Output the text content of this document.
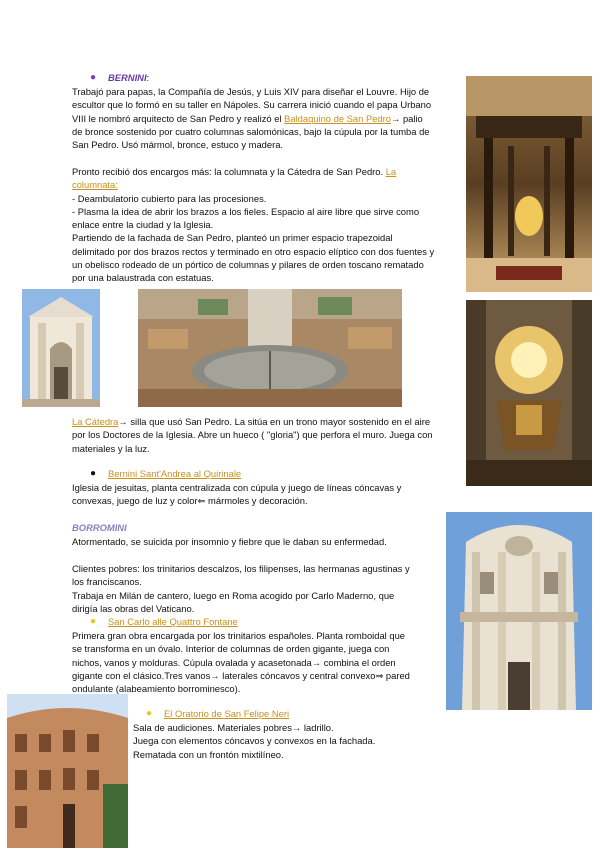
● BERNINI:
Trabajó para papas, la Compañía de Jesús, y Luis XIV para diseñar el Louvre. Hijo de
escultor que lo formó en su taller en Nápoles. Su carrera inició cuando el papa Urbano
VIII le nombró arquitecto de San Pedro y realizó el Baldaquino de San Pedro→ palio
de bronce sostenido por cuatro columnas salomónicas, bajo la cúpula por la tumba de
San Pedro. Usó mármol, bronce, estuco y madera.
Pronto recibió dos encargos más: la columnata y la Cátedra de San Pedro. La
columnata:
- Deambulatorio cubierto para las procesiones.
- Plasma la idea de abrir los brazos a los fieles. Espacio al aire libre que sirve como
enlace entre la ciudad y la Iglesia.
Partiendo de la fachada de San Pedro, planteó un primer espacio trapezoidal
delimitado por dos brazos rectos y terminado en otro espacio elíptico con dos fuentes y
un obelisco rodeado de un pórtico de columnas y pilares de orden toscano rematado
por una balaustrada con estatuas.
La Cátedra→ silla que usó San Pedro. La sitúa en un trono mayor sostenido en el aire
por los Doctores de la Iglesia. Abre un hueco ( "gloria") que perfora el muro. Juega con
materiales y la luz.
● Bernini Sant'Andrea al Quirinale
Iglesia de jesuitas, planta centralizada con cúpula y juego de líneas cóncavas y
convexas, juego de luz y color⇐ mármoles y decoración.
BORROMINI
Atormentado, se suicida por insomnio y fiebre que le daban su enfermedad.
Clientes pobres: los trinitarios descalzos, los filipenses, las hermanas agustinas y
los franciscanos.
Trabaja en Milán de cantero, luego en Roma acogido por Carlo Maderno, que
dirigía las obras del Vaticano.
● San Carlo alle Quattro Fontane
Primera gran obra encargada por los trinitarios españoles. Planta romboidal que
se transforma en un óvalo. Interior de columnas de orden gigante, juega con
nichos, vanos y molduras. Cúpula ovalada y acasetonada→ combina el orden
gigante con el clásico.Tres vanos→ laterales cóncavos y central convexo⇒ pared
ondulante (alabeamiento borrominesco).
● El Oratorio de San Felipe Neri
Sala de audiciones. Materiales pobres→ ladrillo.
Juega con elementos cóncavos y convexos en la fachada.
Rematada con un frontón mixtilíneo.
